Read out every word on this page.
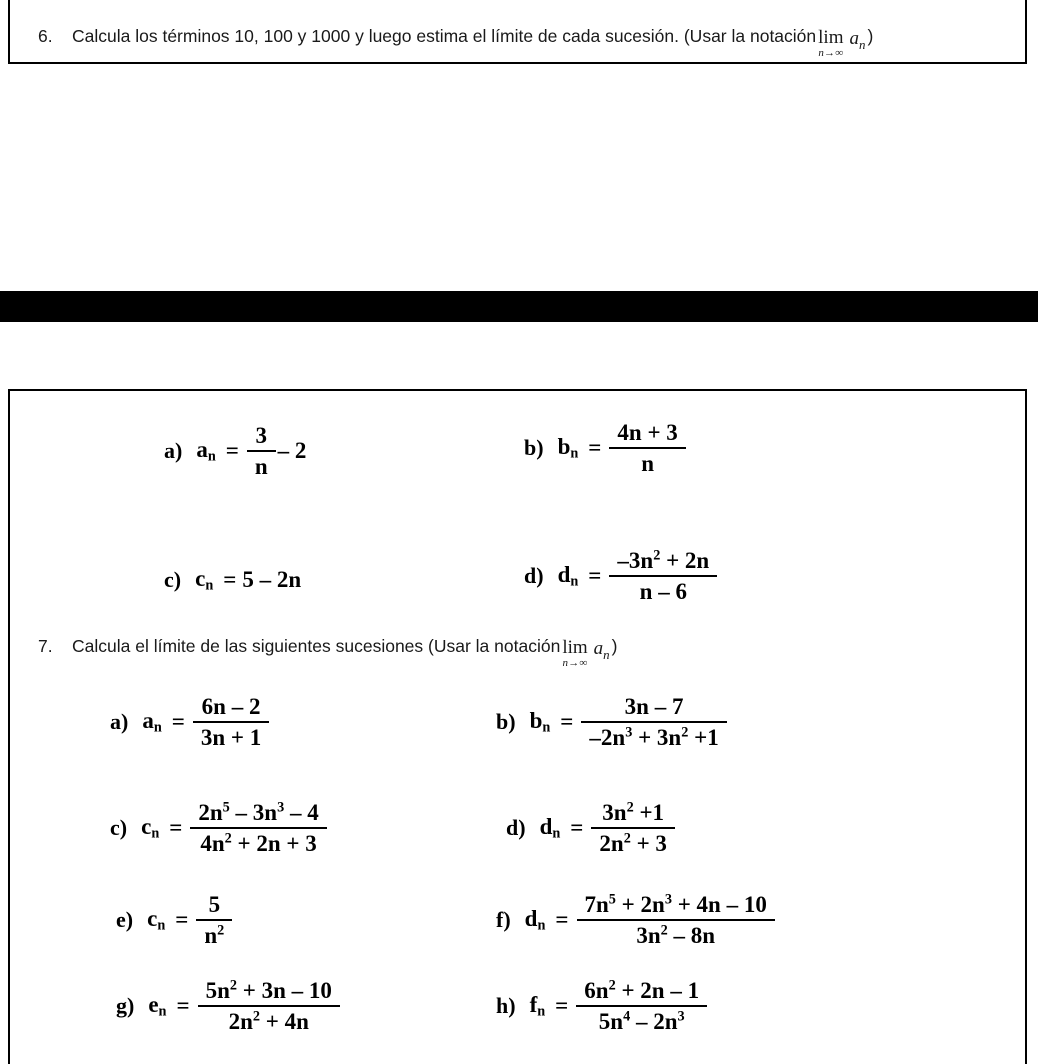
6.	Calcula los términos 10, 100 y 1000 y luego estima el límite de cada sucesión. (Usar la notación lim
n→∞
$a_n$ )
a) $a_n = \frac{3}{n} - 2$	b) $b_n = \frac{4n + 3}{n}$
c) $c_n = 5 - 2n$	d) $d_n = \frac{-3n^2 + 2n}{n - 6}$
7.	Calcula el límite de las siguientes sucesiones (Usar la notación lim
n→∞
$a_n$ )
a) $a_n = \frac{6n - 2}{3n + 1}$	b) $b_n = \frac{3n - 7}{-2n^3 + 3n^2 +1}$
c) $c_n = \frac{2n^5 - 3n^3 - 4}{4n^2 + 2n + 3}$	d) $d_n = \frac{3n^2 +1}{2n^2 + 3}$
e) $c_n = \frac{5}{n^2}$	f) $d_n = \frac{7n^5 + 2n^3 + 4n - 10}{3n^2 - 8n}$
g) $e_n = \frac{5n^2 + 3n - 10}{2n^2 + 4n}$	h) $f_n = \frac{6n^2 + 2n - 1}{5n^4 - 2n^3}$
